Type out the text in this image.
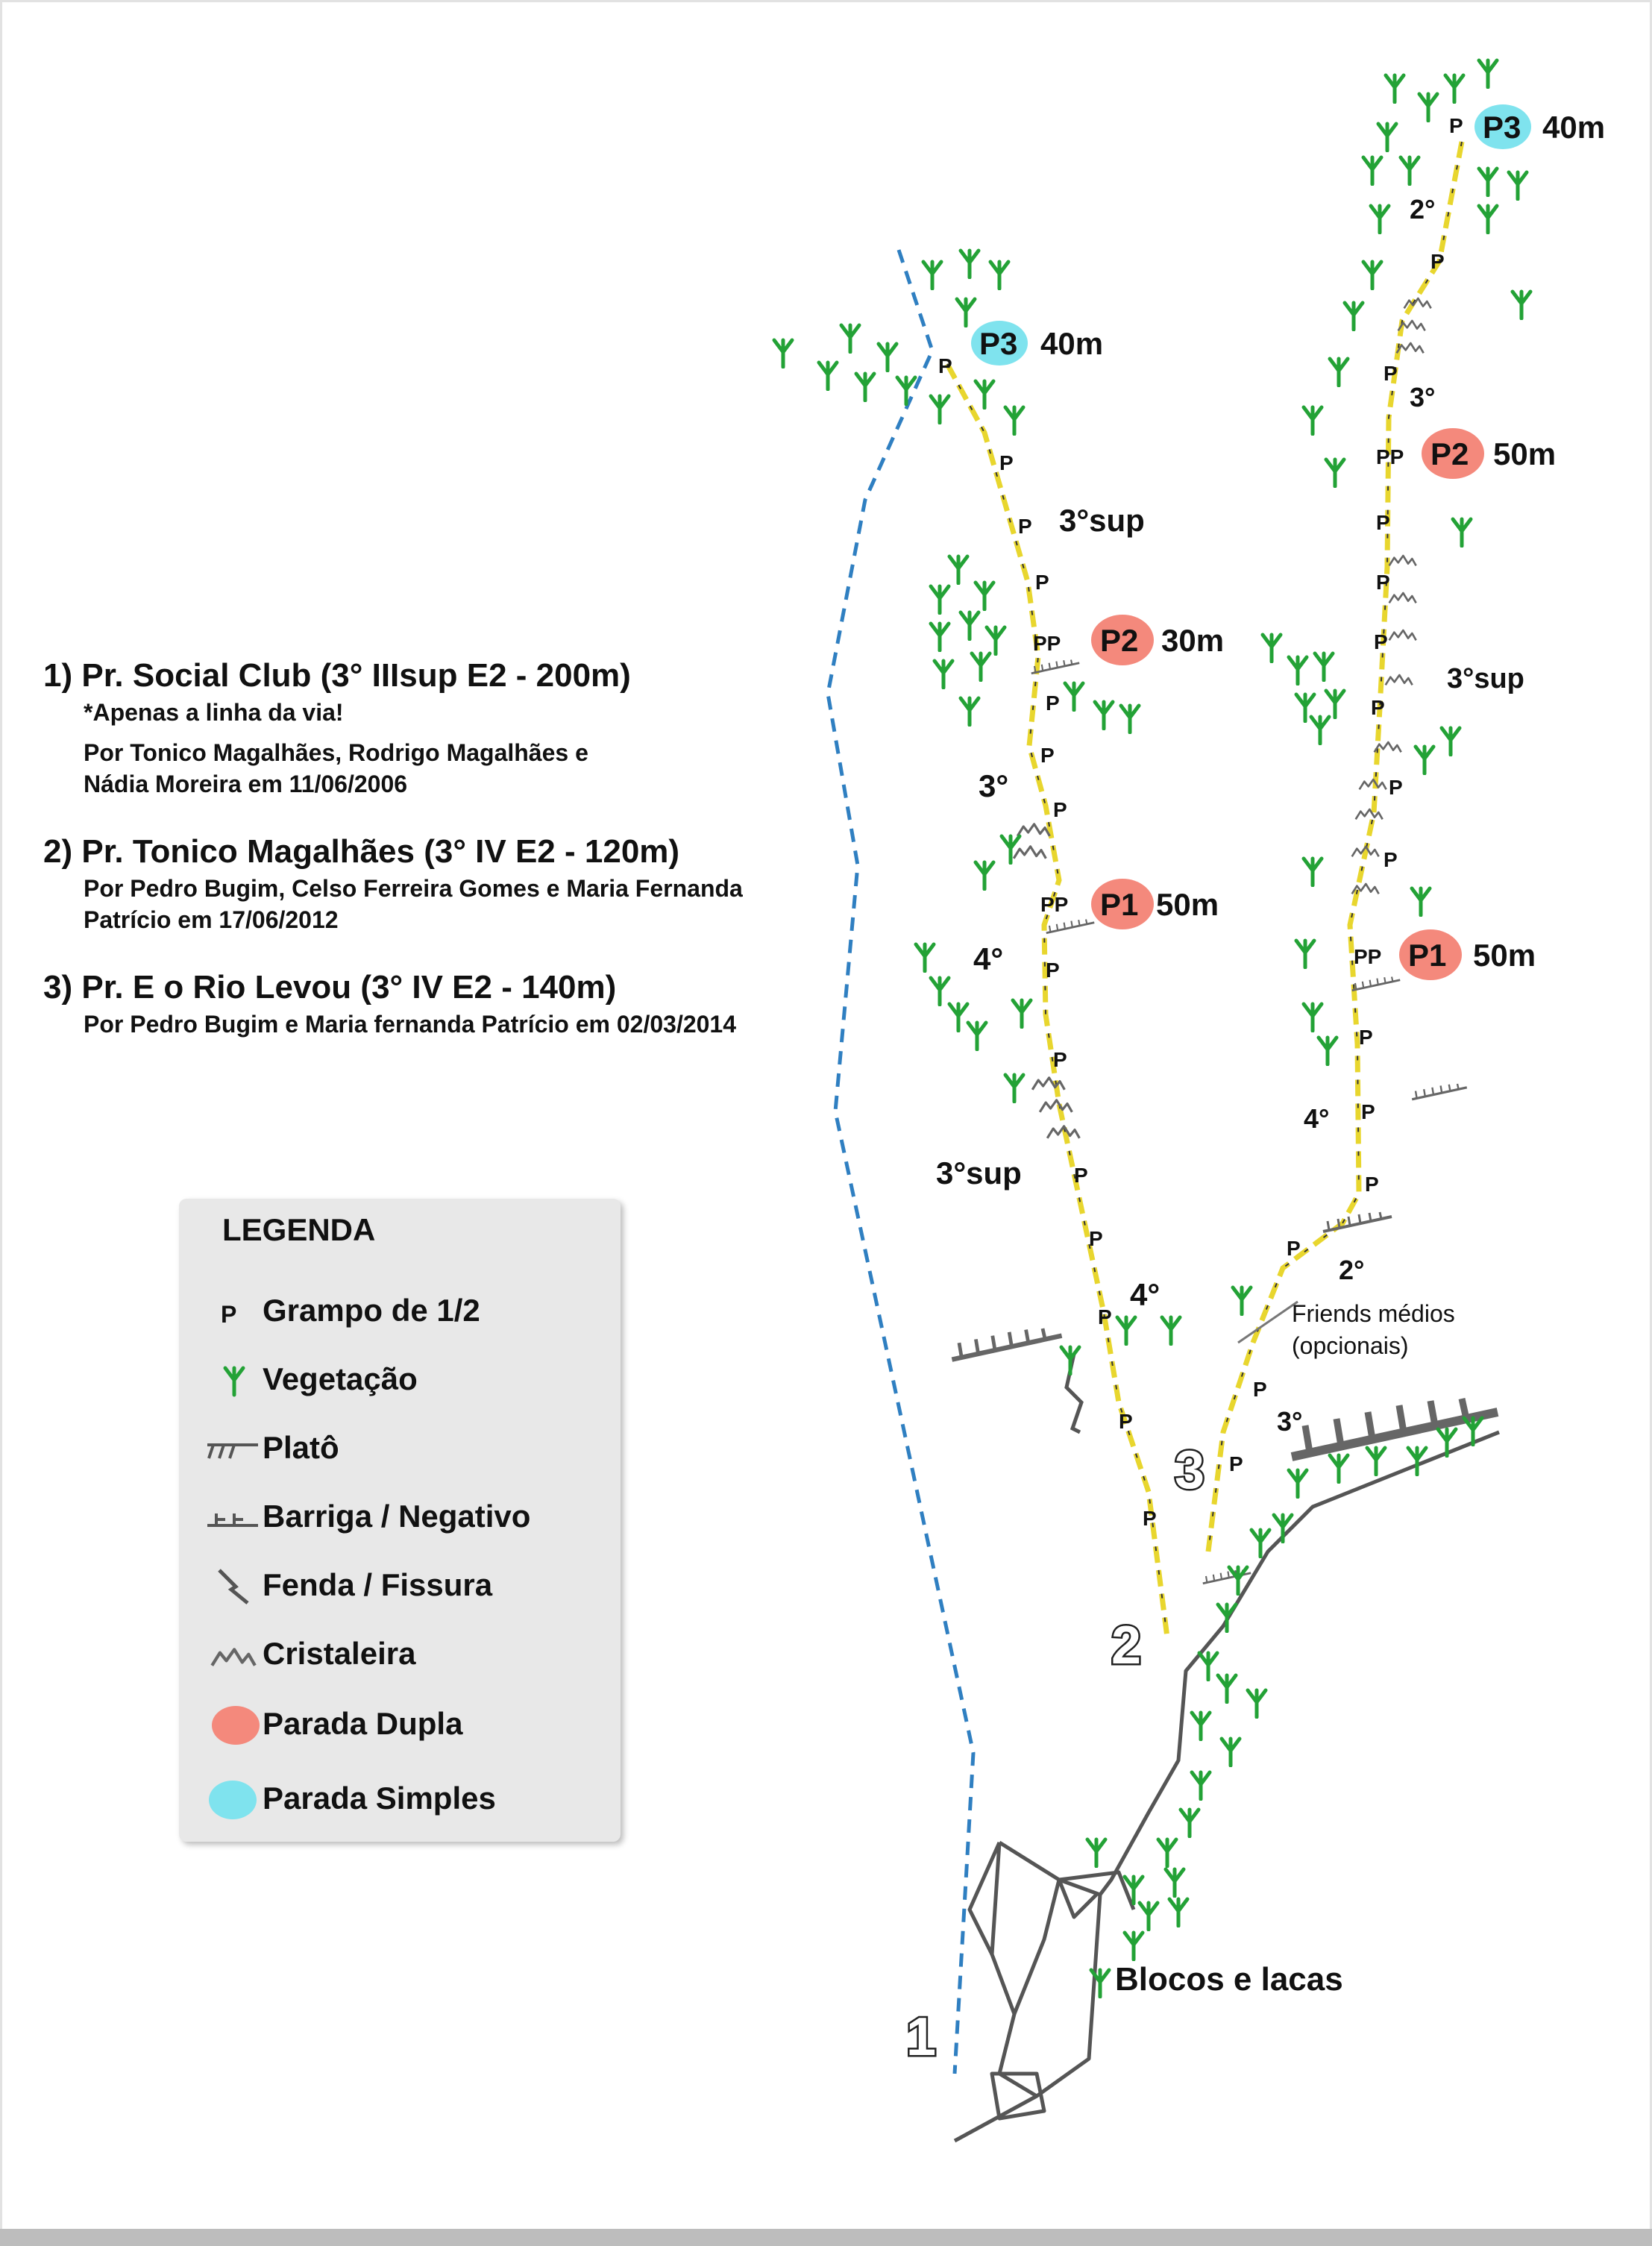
P3 40m
P2 30m
P1 50m
P3 40m
P2 50m
P1 50m
3°sup
3°
4°
3°sup
4°
2°
3°
3°sup
4°
2°
3°
P
P
P
P
PP
P
P
P
PP
P
P
P
P
P
P
P
P
P
P
PP
P
P
P
P
P
P
PP
P
P
P
P
P
P
1
2
3
Blocos e lacas
Friends médios
(opcionais)

1) Pr. Social Club (3° IIIsup E2 - 200m)

*Apenas a linha da via!

Por Tonico Magalhães, Rodrigo Magalhães e

Nádia Moreira em 11/06/2006

2) Pr. Tonico Magalhães (3° IV E2 - 120m)

Por Pedro Bugim, Celso Ferreira Gomes e Maria Fernanda

Patrício em 17/06/2012

3) Pr. E o Rio Levou (3° IV E2 - 140m)

Por Pedro Bugim e Maria fernanda Patrício em 02/03/2014

LEGENDA
P Grampo de 1/2
Vegetação
Platô
Barriga / Negativo
Fenda / Fissura
Cristaleira
Parada Dupla
Parada Simples
